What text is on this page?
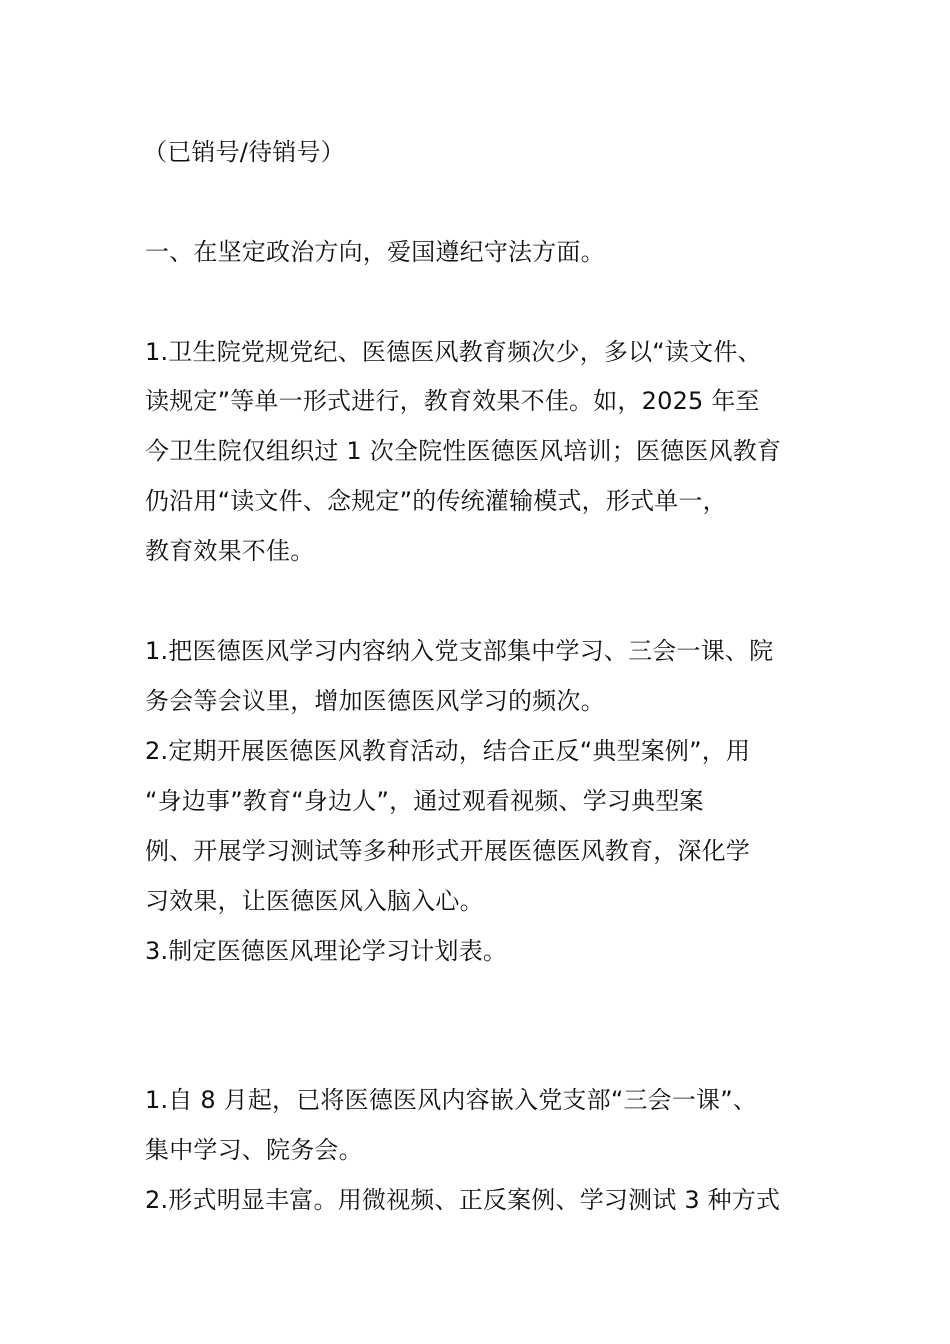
（已销号/待销号）
一、在坚定政治方向，爱国遵纪守法方面。
1.卫生院党规党纪、医德医风教育频次少，多以“读文件、
读规定”等单一形式进行，教育效果不佳。如，2025 年至
今卫生院仅组织过 1 次全院性医德医风培训；医德医风教育
仍沿用“读文件、念规定”的传统灌输模式，形式单一，
教育效果不佳。
1.把医德医风学习内容纳入党支部集中学习、三会一课、院
务会等会议里，增加医德医风学习的频次。
2.定期开展医德医风教育活动，结合正反“典型案例”，用
“身边事”教育“身边人”，通过观看视频、学习典型案
例、开展学习测试等多种形式开展医德医风教育，深化学
习效果，让医德医风入脑入心。
3.制定医德医风理论学习计划表。
1.自 8 月起，已将医德医风内容嵌入党支部“三会一课”、
集中学习、院务会。
2.形式明显丰富。用微视频、正反案例、学习测试 3 种方式
